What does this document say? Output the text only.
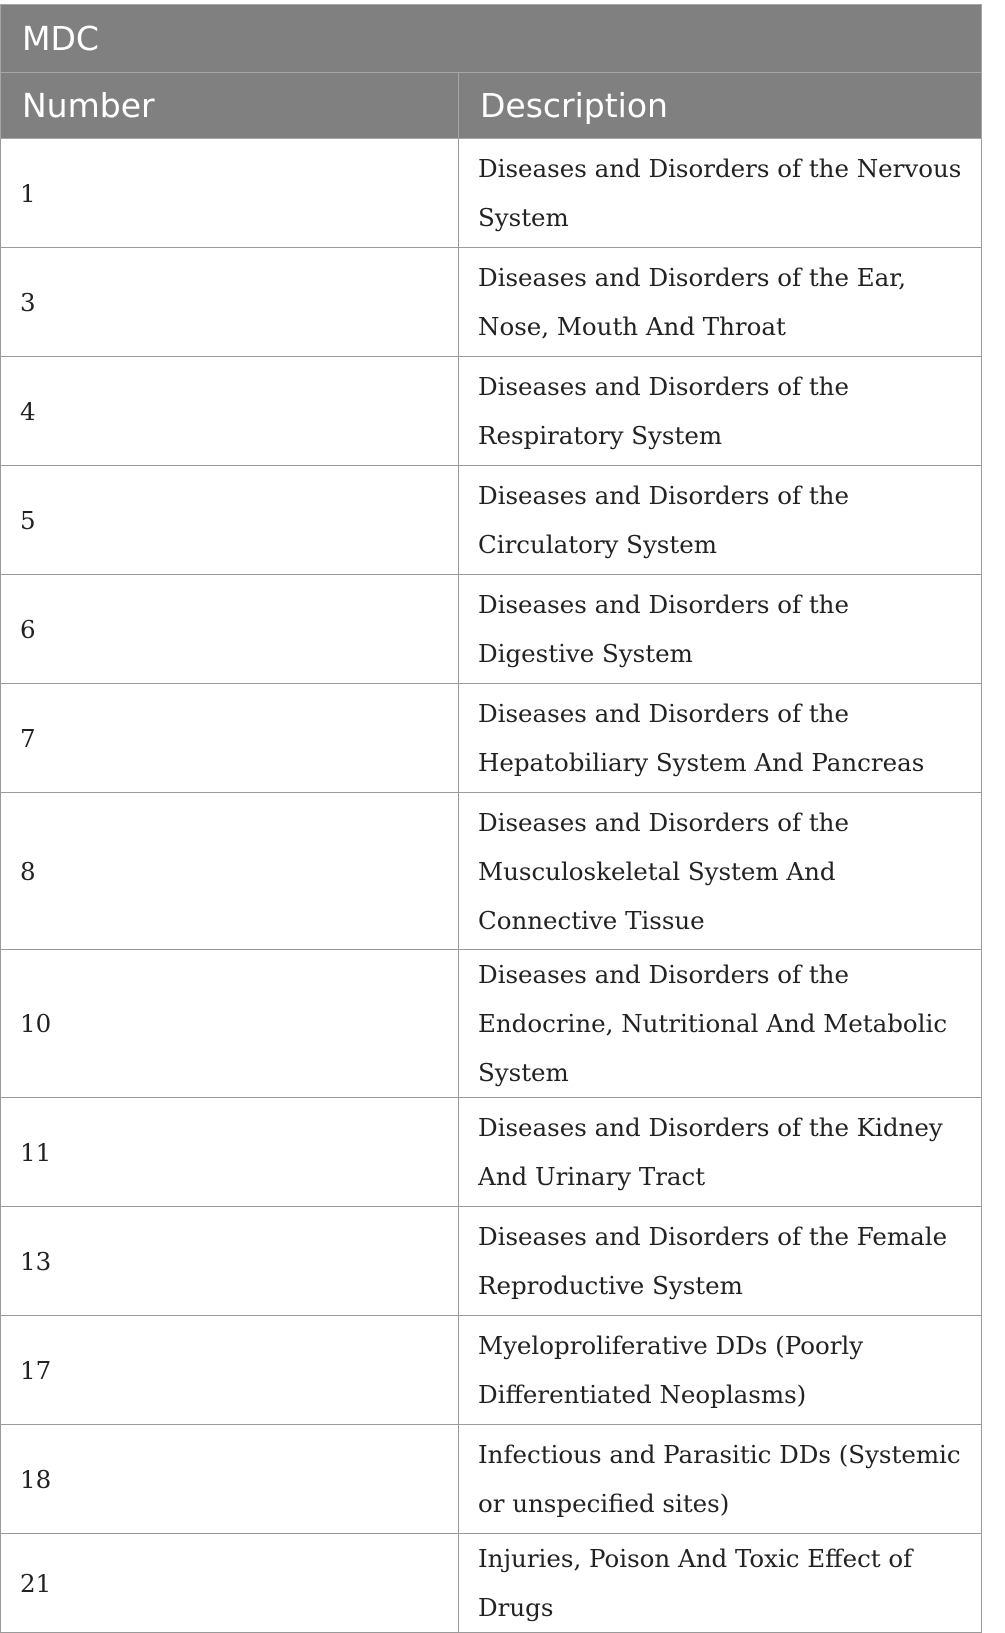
MDC	
Number	Description
1	Diseases and Disorders of the Nervous System
3	Diseases and Disorders of the Ear, Nose, Mouth And Throat
4	Diseases and Disorders of the Respiratory System
5	Diseases and Disorders of the Circulatory System
6	Diseases and Disorders of the Digestive System
7	Diseases and Disorders of the Hepatobiliary System And Pancreas
8	Diseases and Disorders of the Musculoskeletal System And Connective Tissue
10	Diseases and Disorders of the Endocrine, Nutritional And Metabolic System
11	Diseases and Disorders of the Kidney And Urinary Tract
13	Diseases and Disorders of the Female Reproductive System
17	Myeloproliferative DDs (Poorly Differentiated Neoplasms)
18	Infectious and Parasitic DDs (Systemic or unspecified sites)
21	Injuries, Poison And Toxic Effect of Drugs
